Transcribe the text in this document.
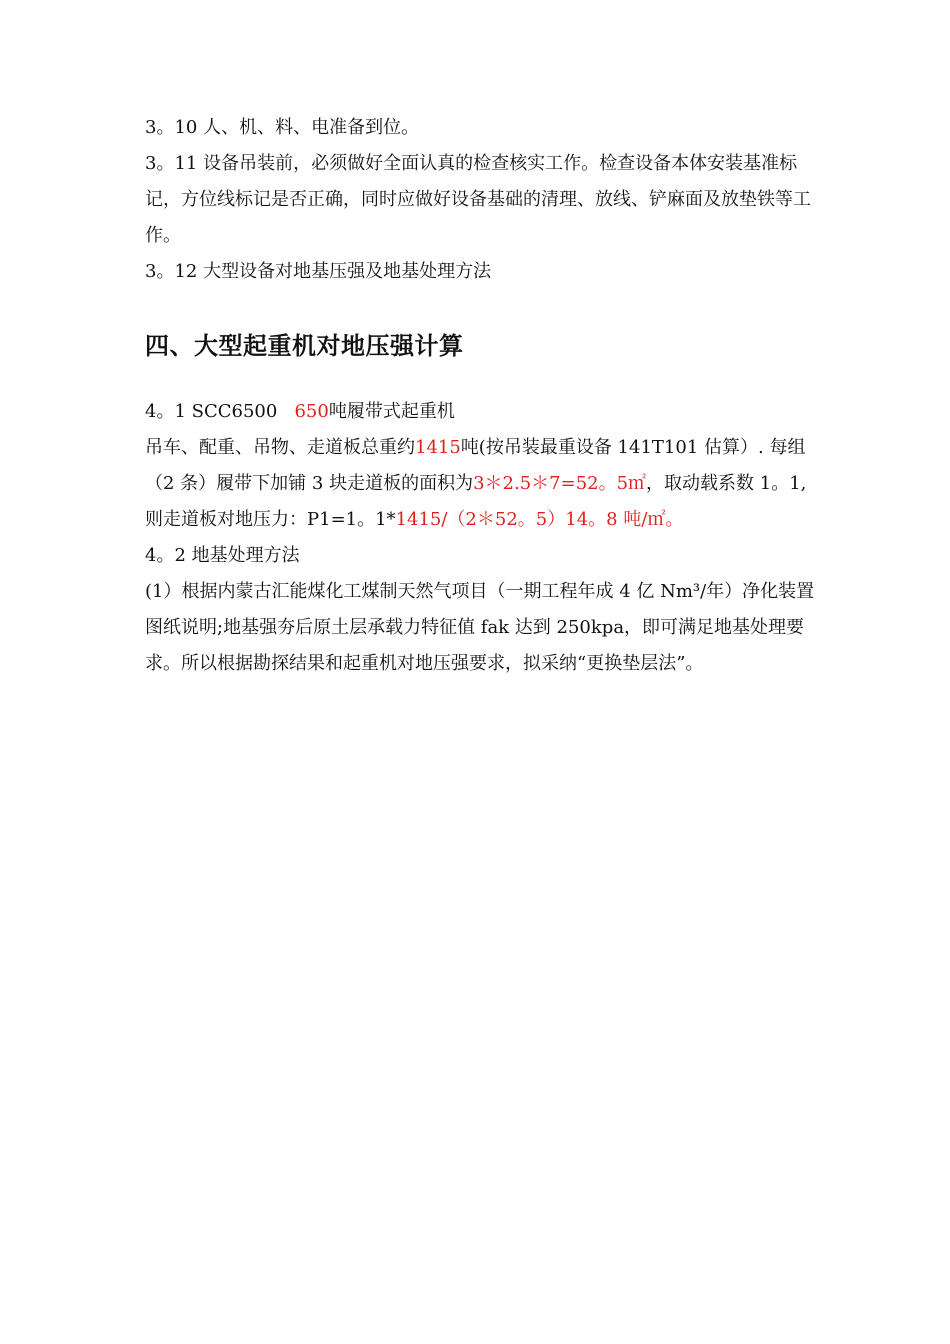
3。10 人、机、料、电准备到位。

3。11 设备吊装前，必须做好全面认真的检查核实工作。检查设备本体安装基准标记，方位线标记是否正确，同时应做好设备基础的清理、放线、铲麻面及放垫铁等工作。

3。12 大型设备对地基压强及地基处理方法

四、大型起重机对地压强计算

4。1 SCC6500   650吨履带式起重机

吊车、配重、吊物、走道板总重约1415吨(按吊装最重设备 141T101 估算）. 每组（2 条）履带下加铺 3 块走道板的面积为3＊2.5＊7=52。5㎡，取动载系数 1。1, 则走道板对地压力：P1=1。1*1415/（2＊52。5）14。8 吨/㎡。

4。2 地基处理方法

(1）根据内蒙古汇能煤化工煤制天然气项目（一期工程年成 4 亿 Nm³/年）净化装置图纸说明;地基强夯后原土层承载力特征值 fak 达到 250kpa，即可满足地基处理要求。所以根据勘探结果和起重机对地压强要求，拟采纳“更换垫层法”。
